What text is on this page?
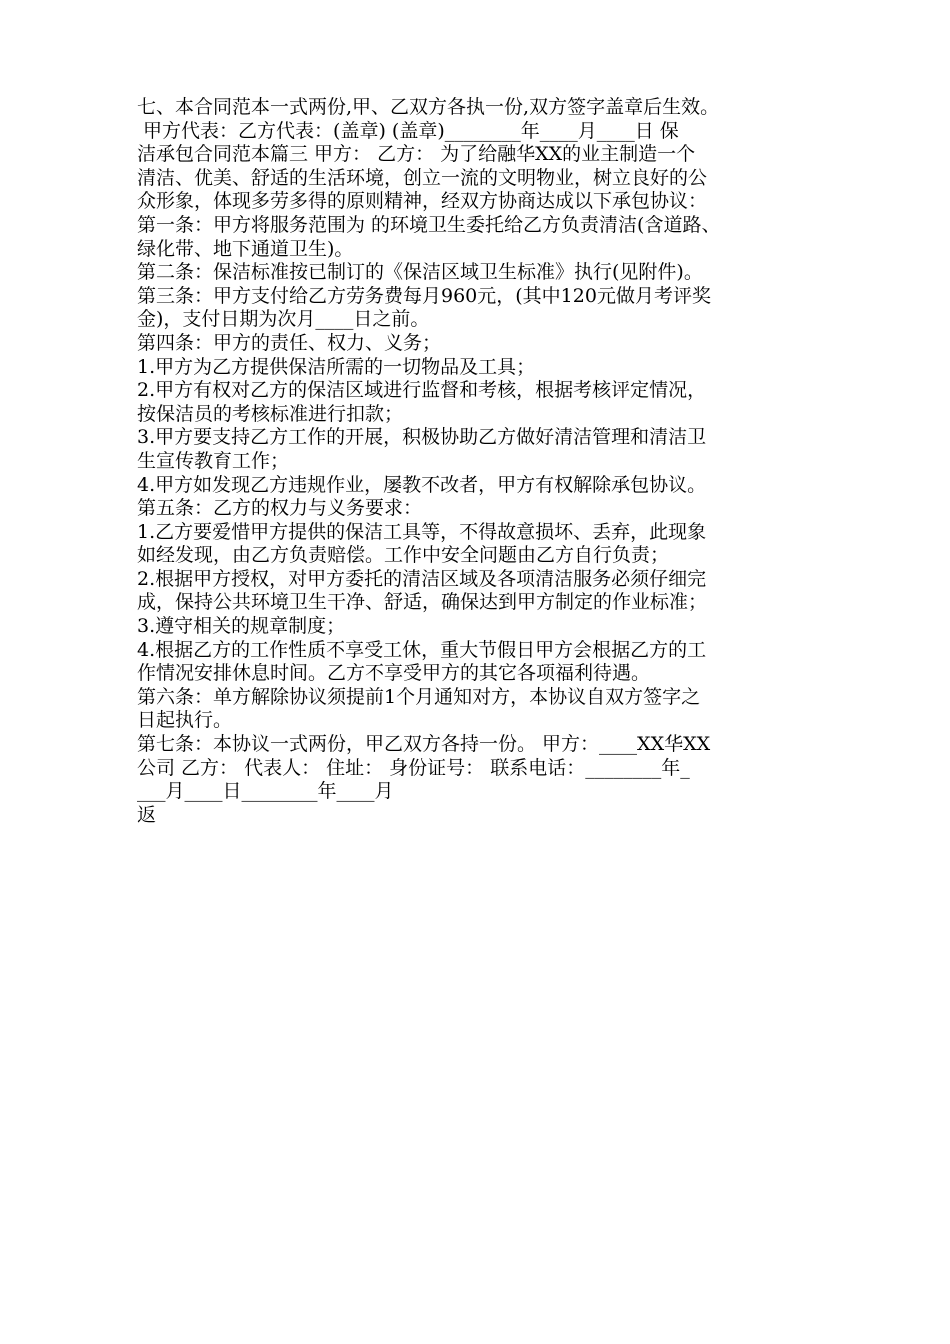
七、本合同范本一式两份,甲、乙双方各执一份,双方签字盖章后生效。
甲方代表：乙方代表：(盖章) (盖章)________年____月____日 保
洁承包合同范本篇三 甲方： 乙方： 为了给融华XX的业主制造一个
清洁、优美、舒适的生活环境，创立一流的文明物业，树立良好的公
众形象，体现多劳多得的原则精神，经双方协商达成以下承包协议：
第一条：甲方将服务范围为 的环境卫生委托给乙方负责清洁(含道路、
绿化带、地下通道卫生)。
第二条：保洁标准按已制订的《保洁区域卫生标准》执行(见附件)。
第三条：甲方支付给乙方劳务费每月960元，(其中120元做月考评奖
金)，支付日期为次月____日之前。
第四条：甲方的责任、权力、义务；
1.甲方为乙方提供保洁所需的一切物品及工具；
2.甲方有权对乙方的保洁区域进行监督和考核，根据考核评定情况，
按保洁员的考核标准进行扣款；
3.甲方要支持乙方工作的开展，积极协助乙方做好清洁管理和清洁卫
生宣传教育工作；
4.甲方如发现乙方违规作业，屡教不改者，甲方有权解除承包协议。
第五条：乙方的权力与义务要求：
1.乙方要爱惜甲方提供的保洁工具等，不得故意损坏、丢弃，此现象
如经发现，由乙方负责赔偿。工作中安全问题由乙方自行负责；
2.根据甲方授权，对甲方委托的清洁区域及各项清洁服务必须仔细完
成，保持公共环境卫生干净、舒适，确保达到甲方制定的作业标准；
3.遵守相关的规章制度；
4.根据乙方的工作性质不享受工休，重大节假日甲方会根据乙方的工
作情况安排休息时间。乙方不享受甲方的其它各项福利待遇。
第六条：单方解除协议须提前1个月通知对方，本协议自双方签字之
日起执行。
第七条：本协议一式两份，甲乙双方各持一份。 甲方：____XX华XX
公司 乙方： 代表人： 住址： 身份证号： 联系电话：________年_
___月____日________年____月
返
